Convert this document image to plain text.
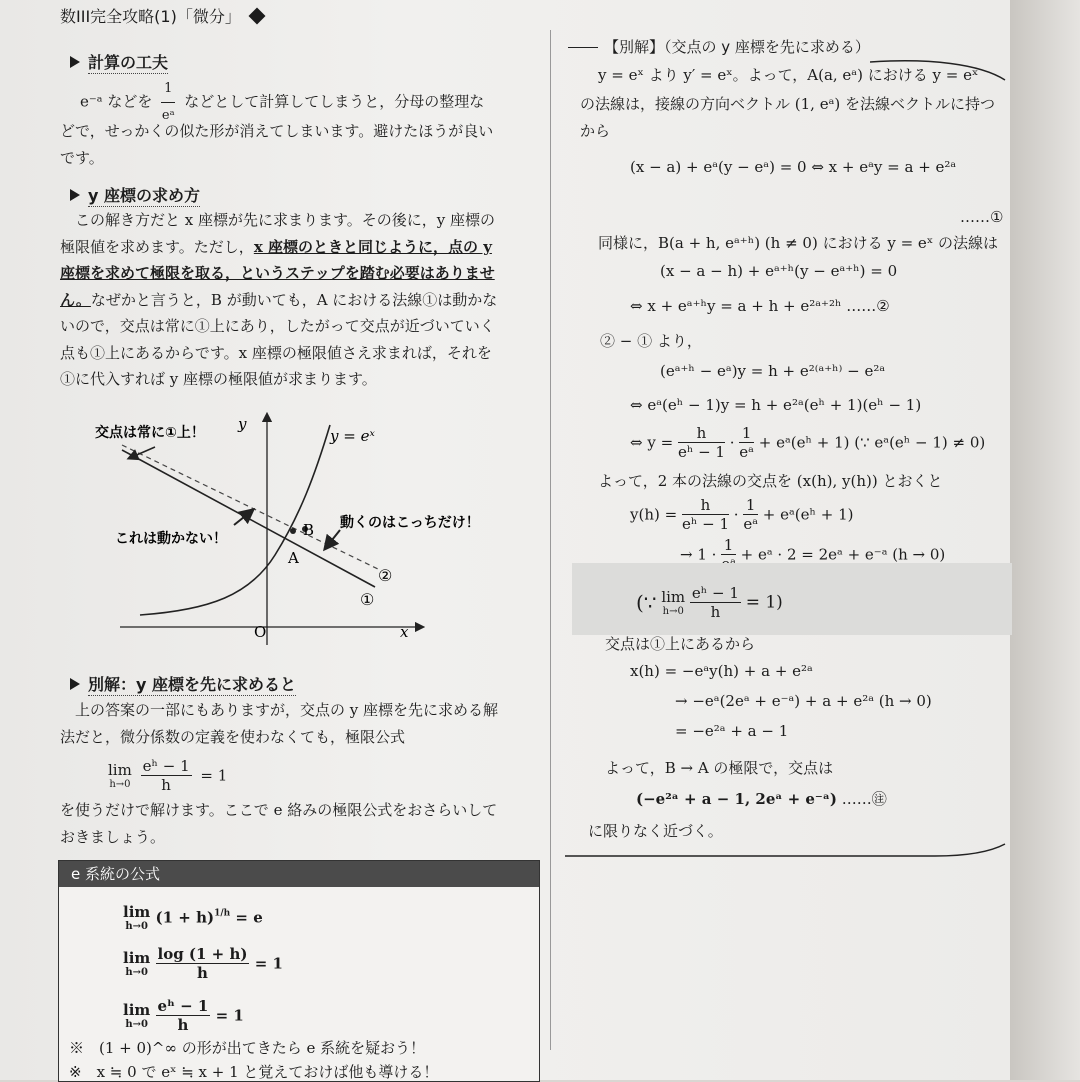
数III完全攻略(1)「微分」
計算の工夫
e⁻ᵃ などを $\frac{1}{\text{eᵃ}}$ などとして計算してしまうと，分母の整理な
どで，せっかくの似た形が消えてしまいます。避けたほうが良い
です。
y 座標の求め方
この解き方だと x 座標が先に求まります。その後に，y 座標の
極限値を求めます。ただし，x 座標のときと同じように，点の y
座標を求めて極限を取る，というステップを踏む必要はありませ
ん。なぜかと言うと，B が動いても，A における法線①は動かな
いので，交点は常に①上にあり，したがって交点が近づいていく
点も①上にあるからです。x 座標の極限値さえ求まれば，それを
①に代入すれば y 座標の極限値が求まります。
交点は常に①上！
これは動かない！
動くのはこっちだけ！
y = eˣ
y
x
O
A
B
①
②
別解：y 座標を先に求めると
上の答案の一部にもありますが，交点の y 座標を先に求める解
法だと，微分係数の定義を使わなくても，極限公式
lim
h→0
$\frac{\text{eʰ − 1}}{h} = 1$
を使うだけで解けます。ここで e 絡みの極限公式をおさらいして
おきましょう。
e 系統の公式
lim
h→0 $(1 + h)^{1/h} = e$
lim
h→0
$\frac{\log (1 + h)}{h} = 1$
lim
h→0
$\frac{\text{eʰ − 1}}{h} = 1$
※　(1 + 0)^∞ の形が出てきたら e 系統を疑おう！
※　x ≒ 0 で eˣ ≒ x + 1 と覚えておけば他も導ける！
【別解】（交点の y 座標を先に求める）
y = eˣ より y′ = eˣ。よって，A(a, eᵃ) における y = eˣ
の法線は，接線の方向ベクトル (1, eᵃ) を法線ベクトルに持つ
から
(x − a) + eᵃ(y − eᵃ) = 0 ⇔ x + eᵃy = a + e²ᵃ
……①
同様に，B(a + h, eᵃ⁺ʰ) (h ≠ 0) における y = eˣ の法線は
(x − a − h) + eᵃ⁺ʰ(y − eᵃ⁺ʰ) = 0
⇔ x + eᵃ⁺ʰy = a + h + e²ᵃ⁺²ʰ ……②
② − ① より，
(eᵃ⁺ʰ − eᵃ)y = h + e²⁽ᵃ⁺ʰ⁾ − e²ᵃ
⇔ eᵃ(eʰ − 1)y = h + e²ᵃ(eʰ + 1)(eʰ − 1)
⇔ $y = \frac{h}{\text{eʰ − 1}} \cdot \frac{1}{\text{eᵃ}}$ + eᵃ(eʰ + 1) (∵ eᵃ(eʰ − 1) ≠ 0)
よって，2 本の法線の交点を (x(h), y(h)) とおくと
$y(h) = \frac{h}{\text{eʰ − 1}} \cdot \frac{1}{\text{eᵃ}}$ + eᵃ(eʰ + 1)
→ 1 ·
1
+ eᵃ · 2 = 2eᵃ + e⁻ᵃ (h → 0)
(∵ lim
h→0
$\frac{\text{eʰ − 1}}{h} = 1$)
交点は①上にあるから
x(h) = −eᵃy(h) + a + e²ᵃ
→ −eᵃ(2eᵃ + e⁻ᵃ) + a + e²ᵃ (h → 0)
= −e²ᵃ + a − 1
よって，B → A の極限で，交点は
(−e²ᵃ + a − 1, 2eᵃ + e⁻ᵃ) ……㊟
に限りなく近づく。
